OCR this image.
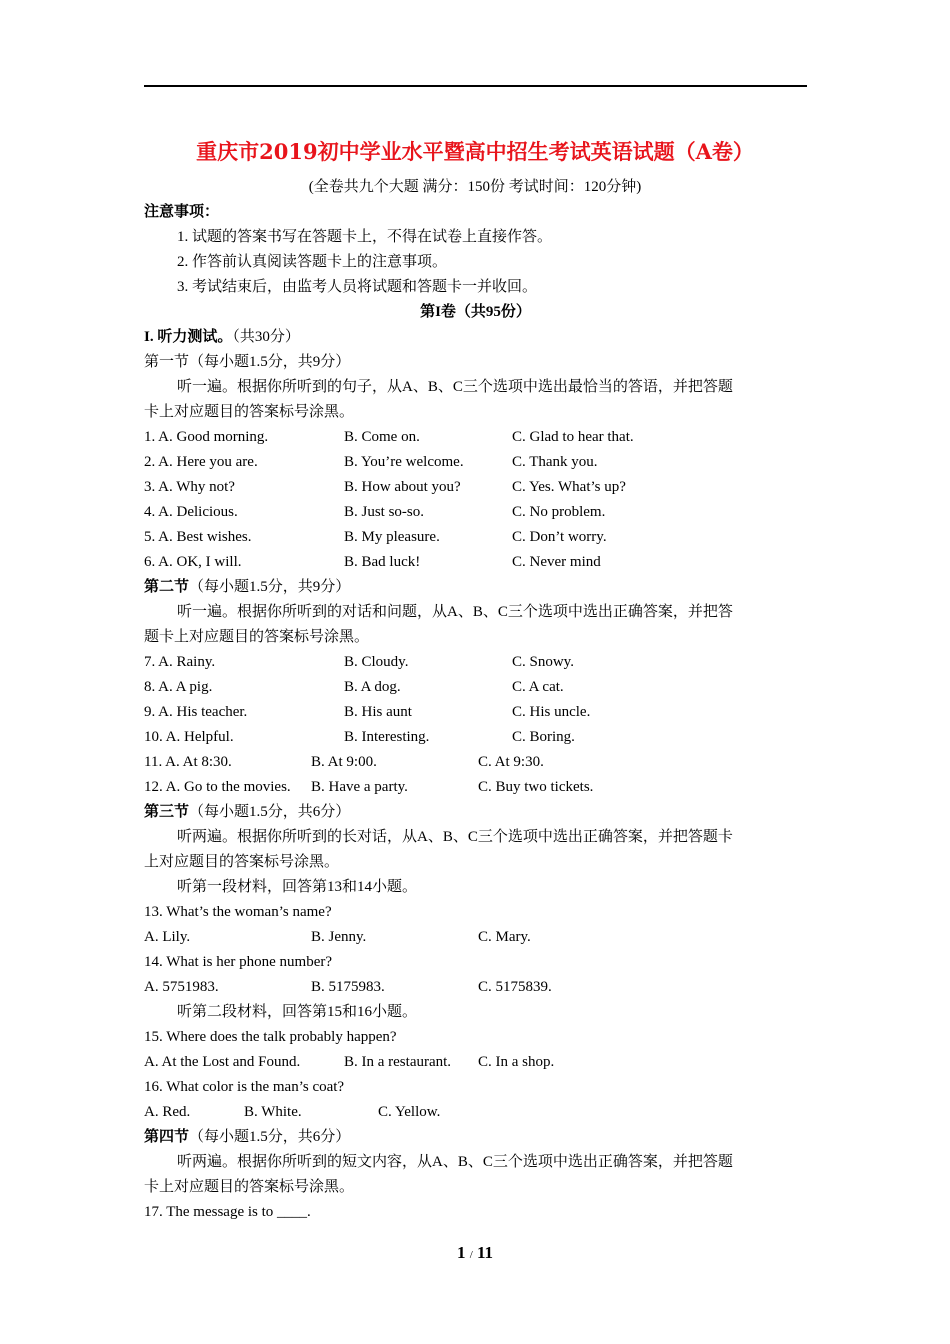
重庆市2019初中学业水平暨高中招生考试英语试题（A卷）
(全卷共九个大题 满分：150份 考试时间：120分钟)
注意事项：
1. 试题的答案书写在答题卡上，不得在试卷上直接作答。
2. 作答前认真阅读答题卡上的注意事项。
3. 考试结束后，由监考人员将试题和答题卡一并收回。
第I卷（共95份）
I. 听力测试。（共30分）
第一节（每小题1.5分，共9分）
听一遍。根据你所听到的句子，从A、B、C三个选项中选出最恰当的答语，并把答题
卡上对应题目的答案标号涂黑。
1. A. Good morning.	B. Come on.	C. Glad to hear that.
2. A. Here you are.	B. You’re welcome.	C. Thank you.
3. A. Why not?	B. How about you?	C. Yes. What’s up?
4. A. Delicious.	B. Just so-so.	C. No problem.
5. A. Best wishes.	B. My pleasure.	C. Don’t worry.
6. A. OK, I will.	B. Bad luck!	C. Never mind
第二节（每小题1.5分，共9分）
听一遍。根据你所听到的对话和问题，从A、B、C三个选项中选出正确答案，并把答
题卡上对应题目的答案标号涂黑。
7. A. Rainy.	B. Cloudy.	C. Snowy.
8. A. A pig.	B. A dog.	C. A cat.
9. A. His teacher.	B. His aunt	C. His uncle.
10. A. Helpful.	B. Interesting.	C. Boring.
11. A. At 8:30.	B. At 9:00.	C. At 9:30.
12. A. Go to the movies. B. Have a party.	C. Buy two tickets.
第三节（每小题1.5分，共6分）
听两遍。根据你所听到的长对话，从A、B、C三个选项中选出正确答案，并把答题卡
上对应题目的答案标号涂黑。
听第一段材料，回答第13和14小题。
13. What’s the woman’s name?
A. Lily.	B. Jenny.	C. Mary.
14. What is her phone number?
A. 5751983.	B. 5175983.	C. 5175839.
听第二段材料，回答第15和16小题。
15. Where does the talk probably happen?
A. At the Lost and Found.	B. In a restaurant. C. In a shop.
16. What color is the man’s coat?
A. Red.	B. White.	C. Yellow.
第四节（每小题1.5分，共6分）
听两遍。根据你所听到的短文内容，从A、B、C三个选项中选出正确答案，并把答题
卡上对应题目的答案标号涂黑。
17. The message is to ____.
1 / 11
